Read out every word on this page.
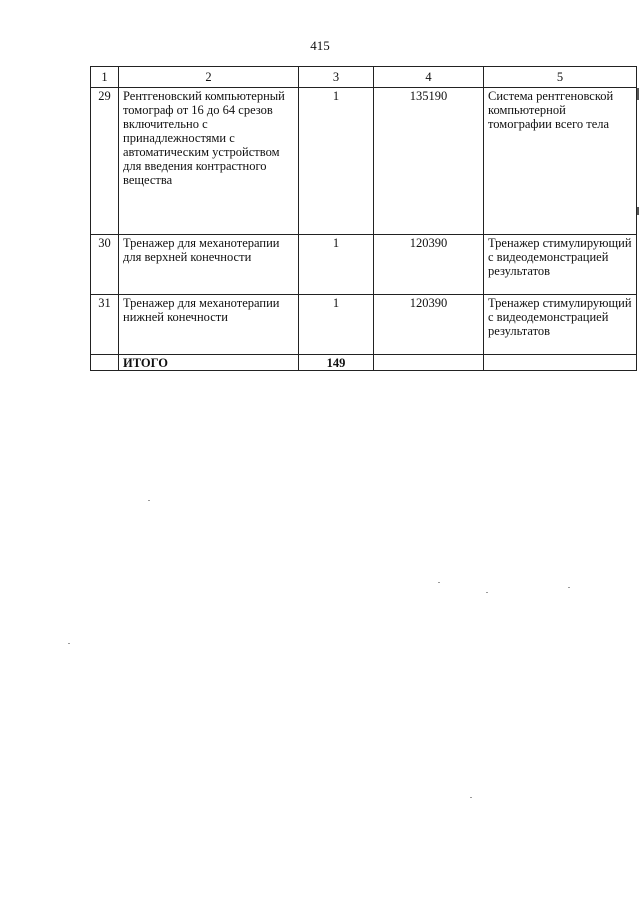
415
1	2	3	4	5
29	Рентгеновский компьютерный томограф от 16 до 64 срезов включительно с принадлежностями с автоматическим устройством для введения контрастного вещества	1	135190	Система рентгеновской компьютерной томографии всего тела
30	Тренажер для механотерапии для верхней конечности	1	120390	Тренажер стимулирующий с видеодемонстрацией результатов
31	Тренажер для механотерапии нижней конечности	1	120390	Тренажер стимулирующий с видеодемонстрацией результатов
	ИТОГО	149		
